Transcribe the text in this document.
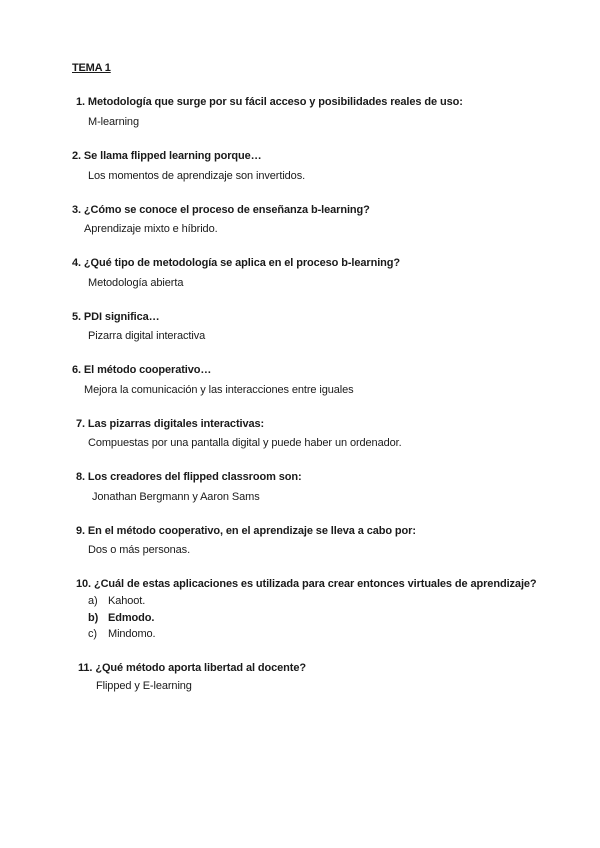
TEMA 1
1. Metodología que surge por su fácil acceso y posibilidades reales de uso:
M-learning
2. Se llama flipped learning porque…
Los momentos de aprendizaje son invertidos.
3. ¿Cómo se conoce el proceso de enseñanza b-learning?
Aprendizaje mixto e híbrido.
4. ¿Qué tipo de metodología se aplica en el proceso b-learning?
Metodología abierta
5. PDI significa…
Pizarra digital interactiva
6. El método cooperativo…
Mejora la comunicación y las interacciones entre iguales
7. Las pizarras digitales interactivas:
Compuestas por una pantalla digital y puede haber un ordenador.
8. Los creadores del flipped classroom son:
Jonathan Bergmann y Aaron Sams
9. En el método cooperativo, en el aprendizaje se lleva a cabo por:
Dos o más personas.
10. ¿Cuál de estas aplicaciones es utilizada para crear entonces virtuales de aprendizaje?
a) Kahoot.
b) Edmodo.
c) Mindomo.
11. ¿Qué método aporta libertad al docente?
Flipped y E-learning
